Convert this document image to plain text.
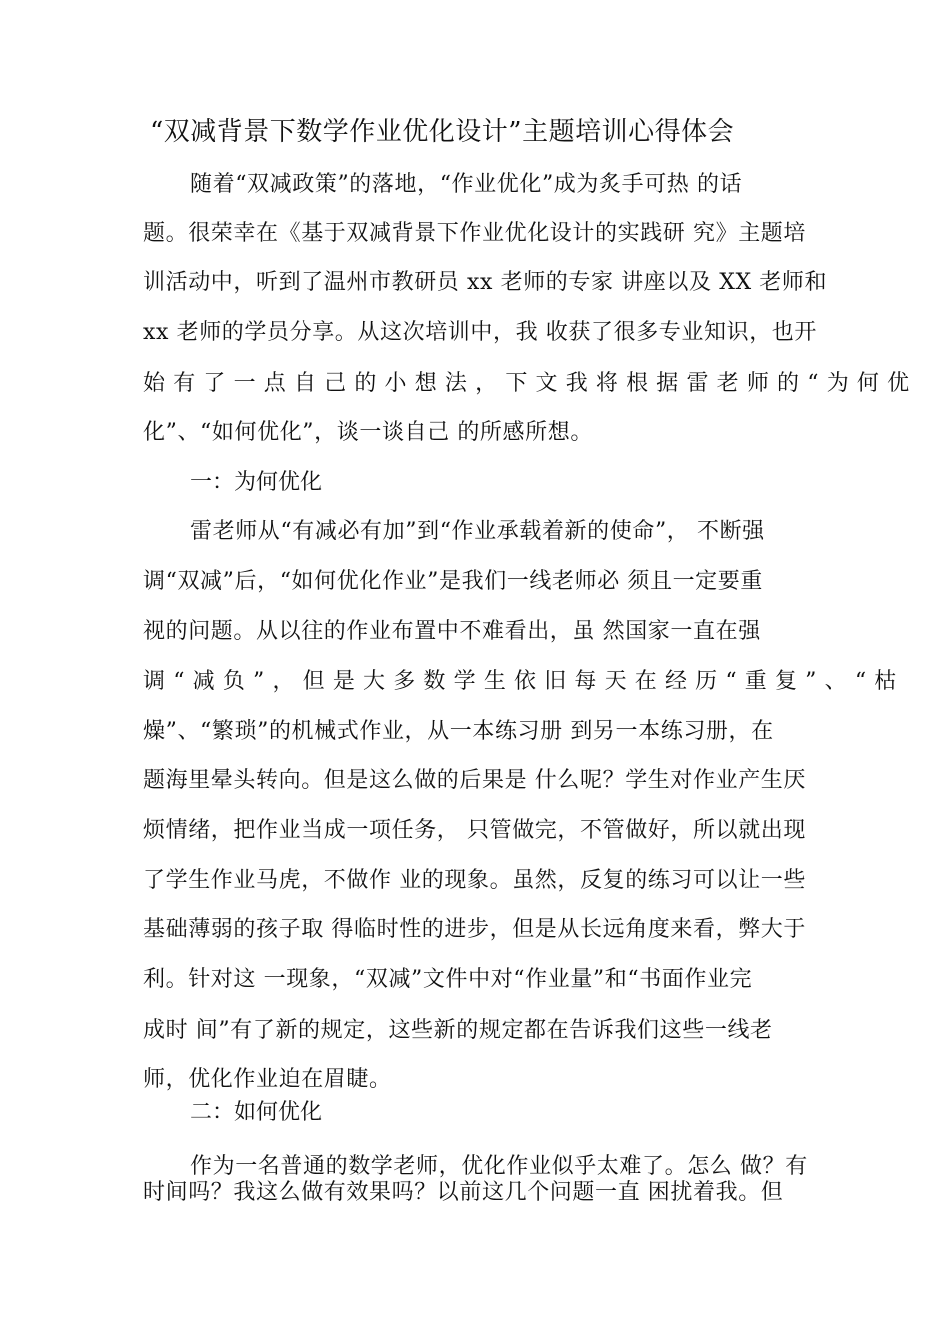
“双减背景下数学作业优化设计”主题培训心得体会
随着“双减政策”的落地，“作业优化”成为炙手可热 的话
题。很荣幸在《基于双减背景下作业优化设计的实践研 究》主题培
训活动中，听到了温州市教研员 xx 老师的专家 讲座以及 XX 老师和
xx 老师的学员分享。从这次培训中，我 收获了很多专业知识，也开
始 有 了 一 点 自 己 的 小 想 法 ， 下 文 我 将 根 据 雷 老 师 的 “ 为 何 优
化”、“如何优化”，谈一谈自己 的所感所想。
一：为何优化
雷老师从“有减必有加”到“作业承载着新的使命”， 不断强
调“双减”后，“如何优化作业”是我们一线老师必 须且一定要重
视的问题。从以往的作业布置中不难看出，虽 然国家一直在强
调 “ 减 负 ” ， 但 是 大 多 数 学 生 依 旧 每 天 在 经 历 “ 重 复 ” 、 “ 枯
燥”、“繁琐”的机械式作业，从一本练习册 到另一本练习册，在
题海里晕头转向。但是这么做的后果是 什么呢？学生对作业产生厌
烦情绪，把作业当成一项任务， 只管做完，不管做好，所以就出现
了学生作业马虎，不做作 业的现象。虽然，反复的练习可以让一些
基础薄弱的孩子取 得临时性的进步，但是从长远角度来看，弊大于
利。针对这 一现象，“双减”文件中对“作业量”和“书面作业完
成时 间”有了新的规定，这些新的规定都在告诉我们这些一线老
师，优化作业迫在眉睫。
二：如何优化
作为一名普通的数学老师，优化作业似乎太难了。怎么 做？有
时间吗？我这么做有效果吗？以前这几个问题一直 困扰着我。但
